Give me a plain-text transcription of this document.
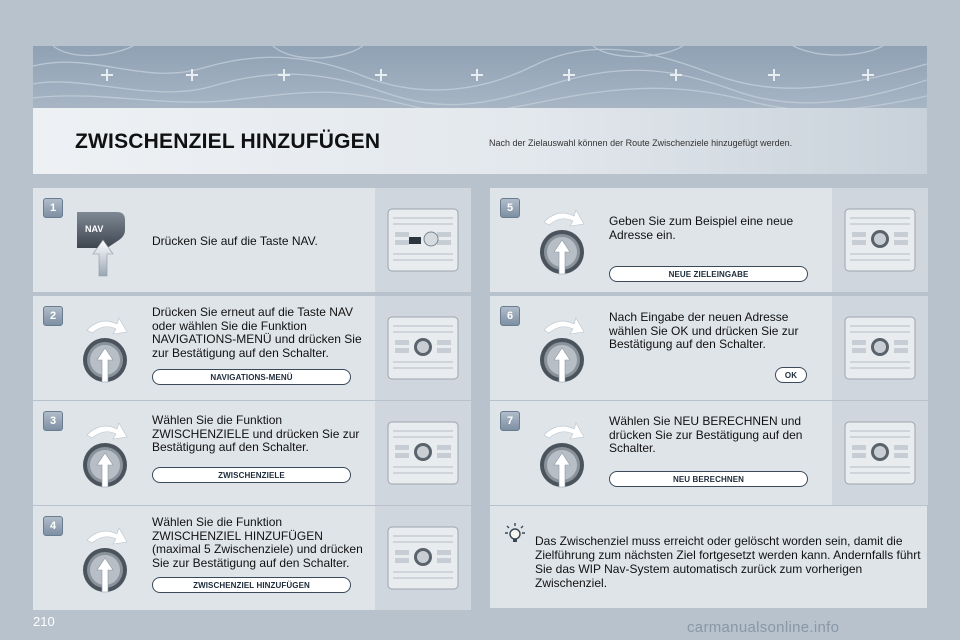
ZWISCHENZIEL HINZUFÜGEN	Nach der Zielauswahl können der Route Zwischenziele hinzugefügt werden.
1
NAV
Drücken Sie auf die Taste NAV.
2	Drücken Sie erneut auf die Taste NAV oder wählen Sie die Funktion NAVIGATIONS-MENÜ und drücken Sie zur Bestätigung auf den Schalter.
NAVIGATIONS-MENÜ
3	Wählen Sie die Funktion ZWISCHENZIELE und drücken Sie zur Bestätigung auf den Schalter.
ZWISCHENZIELE
4	Wählen Sie die Funktion ZWISCHENZIEL HINZUFÜGEN (maximal 5 Zwischenziele) und drücken Sie zur Bestätigung auf den Schalter.
ZWISCHENZIEL HINZUFÜGEN
5
Geben Sie zum Beispiel eine neue Adresse ein.
NEUE ZIELEINGABE
6	Nach Eingabe der neuen Adresse wählen Sie OK und drücken Sie zur Bestätigung auf den Schalter.
OK
7	Wählen Sie NEU BERECHNEN und drücken Sie zur Bestätigung auf den Schalter.
NEU BERECHNEN
Das Zwischenziel muss erreicht oder gelöscht worden sein, damit die Zielführung zum nächsten Ziel fortgesetzt werden kann. Andernfalls führt Sie das WIP Nav-System automatisch zurück zum vorherigen Zwischenziel.
210	carmanualsonline.info
